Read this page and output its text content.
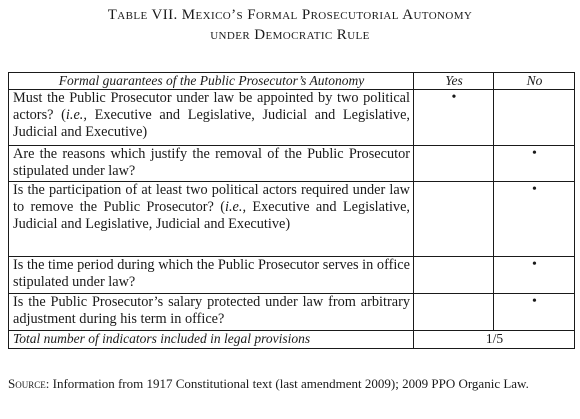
Table VII. Mexico’s Formal Prosecutorial Autonomy
under Democratic Rule
Formal guarantees of the Public Prosecutor’s Autonomy	Yes	No
Must the Public Prosecutor under law be appointed by two political actors? (i.e., Executive and Legislative, Judicial and Legislative, Judicial and Executive)	•	
Are the reasons which justify the removal of the Public Prosecutor stipulated under law?		•
Is the participation of at least two political actors required under law to remove the Public Prosecutor? (i.e., Executive and Legislative, Judicial and Legislative, Judicial and Executive)		•
Is the time period during which the Public Prosecutor serves in office stipulated under law?		•
Is the Public Prosecutor’s salary protected under law from arbitrary adjustment during his term in office?		•
Total number of indicators included in legal provisions	1/5	
Source: Information from 1917 Constitutional text (last amendment 2009); 2009 PPO Organic Law.
